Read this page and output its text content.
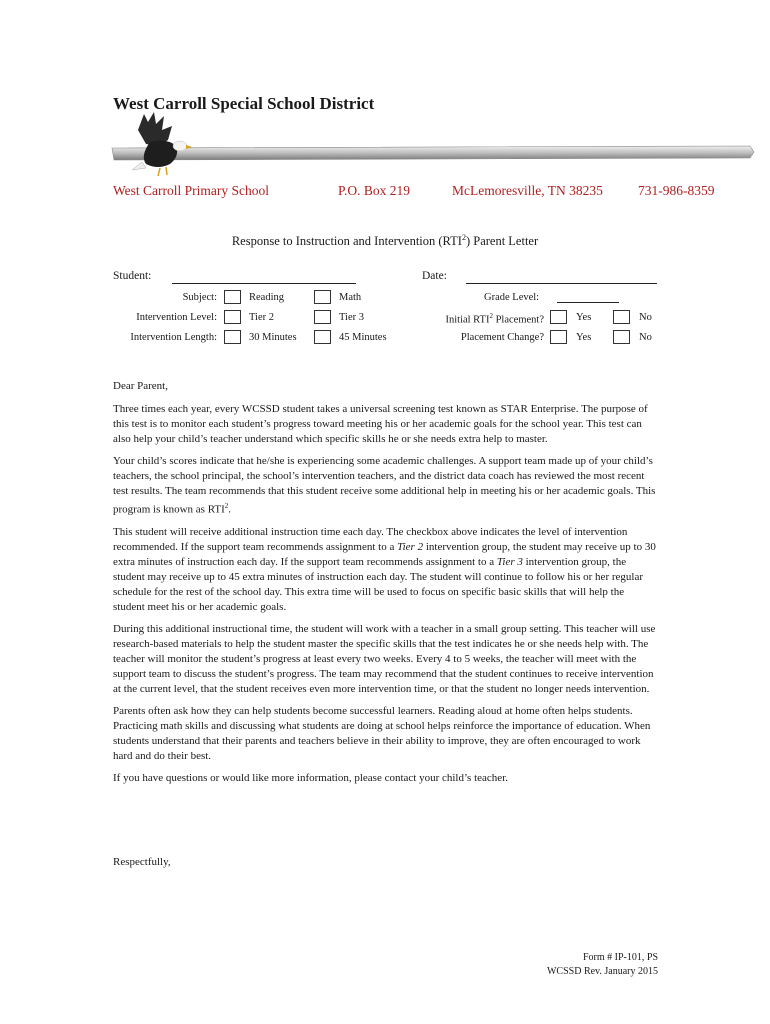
West Carroll Special School District
West Carroll Primary School	P.O. Box 219	McLemoresville, TN 38235	731-986-8359
Response to Instruction and Intervention (RTI$^2$) Parent Letter
Student:	Date:
Subject:	Reading	Math	Grade Level:
Intervention Level:	Tier 2	Tier 3	Initial RTI$^2$ Placement?	Yes	No
Intervention Length:	30 Minutes	45 Minutes	Placement Change?	Yes	No

Dear Parent,

Three times each year, every WCSSD student takes a universal screening test known as STAR Enterprise. The purpose of this test is to monitor each student’s progress toward meeting his or her academic goals for the school year. This test can also help your child’s teacher understand which specific skills he or she needs extra help to master.

Your child’s scores indicate that he/she is experiencing some academic challenges. A support team made up of your child’s teachers, the school principal, the school’s intervention teachers, and the district data coach has reviewed the most recent test results. The team recommends that this student receive some additional help in meeting his or her academic goals. This program is known as RTI$^2$.

This student will receive additional instruction time each day. The checkbox above indicates the level of intervention recommended. If the support team recommends assignment to a Tier 2 intervention group, the student may receive up to 30 extra minutes of instruction each day. If the support team recommends assignment to a Tier 3 intervention group, the student may receive up to 45 extra minutes of instruction each day. The student will continue to follow his or her regular schedule for the rest of the school day. This extra time will be used to focus on specific basic skills that will help the student meet his or her academic goals.

During this additional instructional time, the student will work with a teacher in a small group setting. This teacher will use research-based materials to help the student master the specific skills that the test indicates he or she needs help with. The teacher will monitor the student’s progress at least every two weeks. Every 4 to 5 weeks, the teacher will meet with the support team to discuss the student’s progress. The team may recommend that the student continues to receive intervention at the current level, that the student receives even more intervention time, or that the student no longer needs intervention.

Parents often ask how they can help students become successful learners. Reading aloud at home often helps students. Practicing math skills and discussing what students are doing at school helps reinforce the importance of education. When students understand that their parents and teachers believe in their ability to improve, they are often encouraged to work hard and do their best.

If you have questions or would like more information, please contact your child’s teacher.

Respectfully,
Form # IP-101, PS
WCSSD Rev. January 2015
